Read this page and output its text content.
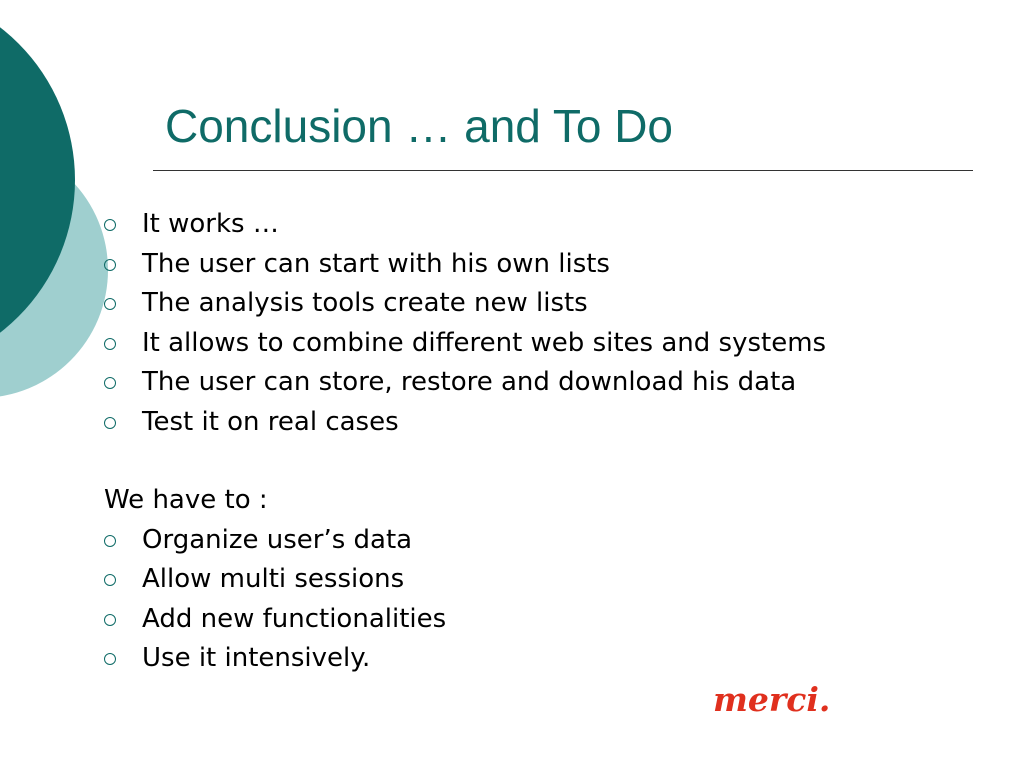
Conclusion … and To Do
It works …
The user can start with his own lists
The analysis tools create new lists
It allows to combine different web sites and systems
The user can store, restore and download his data
Test it on real cases
We have to :
Organize user’s data
Allow multi sessions
Add new functionalities
Use it intensively.
merci.
